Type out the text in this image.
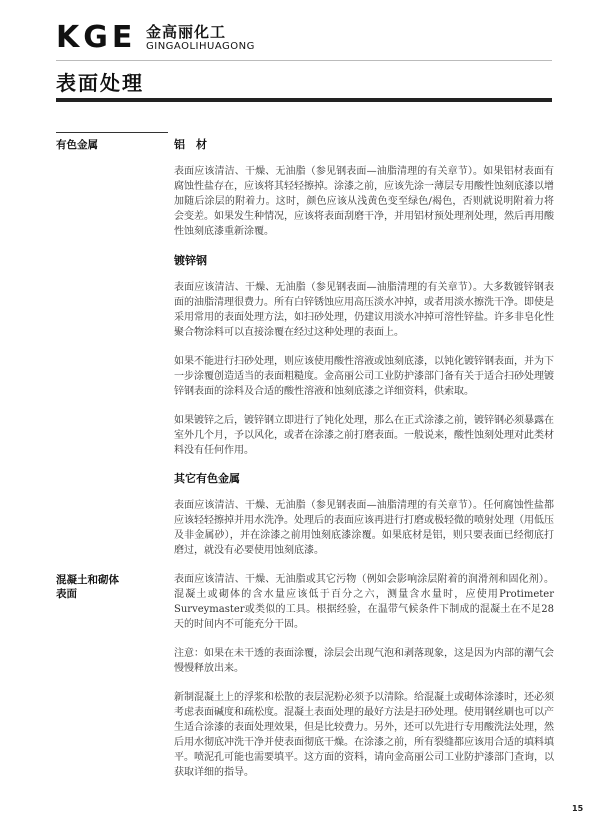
KGE 金高丽化工
GINGAOLIHUAGONG
表面处理
有色金属	铝　材

表面应该清洁、干燥、无油脂（参见钢表面—油脂清理的有关章节）。如果铝材表面有腐蚀性盐存在，应该将其轻轻擦掉。涂漆之前，应该先涂一薄层专用酸性蚀刻底漆以增加随后涂层的附着力。这时，颜色应该从浅黄色变至绿色/褐色，否则就说明附着力将会变差。如果发生种情况，应该将表面刮磨干净，并用铝材预处理剂处理，然后再用酸性蚀刻底漆重新涂覆。

镀锌钢

表面应该清洁、干燥、无油脂（参见钢表面—油脂清理的有关章节）。大多数镀锌钢表面的油脂清理很费力。所有白锌锈蚀应用高压淡水冲掉，或者用淡水擦洗干净。即使是采用常用的表面处理方法，如扫砂处理，仍建议用淡水冲掉可溶性锌盐。许多非皂化性聚合物涂料可以直接涂覆在经过这种处理的表面上。

如果不能进行扫砂处理，则应该使用酸性溶液或蚀刻底漆，以钝化镀锌钢表面，并为下一步涂覆创造适当的表面粗糙度。金高丽公司工业防护漆部门备有关于适合扫砂处理镀锌钢表面的涂料及合适的酸性溶液和蚀刻底漆之详细资料，供索取。

如果镀锌之后，镀锌钢立即进行了钝化处理，那么在正式涂漆之前，镀锌钢必须暴露在室外几个月，予以风化，或者在涂漆之前打磨表面。一般说来，酸性蚀刻处理对此类材料没有任何作用。

其它有色金属

表面应该清洁、干燥、无油脂（参见钢表面—油脂清理的有关章节）。任何腐蚀性盐都应该轻轻擦掉并用水洗净。处理后的表面应该再进行打磨或极轻微的喷射处理（用低压及非金属砂），并在涂漆之前用蚀刻底漆涂覆。如果底材是铝，则只要表面已经彻底打磨过，就没有必要使用蚀刻底漆。

混凝土和砌体表面

表面应该清洁、干燥、无油脂或其它污物（例如会影响涂层附着的润滑剂和固化剂）。混凝土或砌体的含水量应该低于百分之六，测量含水量时，应使用Protimeter Surveymaster或类似的工具。根据经验，在温带气候条件下制成的混凝土在不足28天的时间内不可能充分干固。

注意：如果在未干透的表面涂覆，涂层会出现气泡和剥落现象，这是因为内部的潮气会慢慢释放出来。

新制混凝土上的浮浆和松散的表层泥粉必须予以清除。给混凝土或砌体涂漆时，还必须考虑表面碱度和疏松度。混凝土表面处理的最好方法是扫砂处理。使用钢丝刷也可以产生适合涂漆的表面处理效果，但是比较费力。另外，还可以先进行专用酸洗法处理，然后用水彻底冲洗干净并使表面彻底干燥。在涂漆之前，所有裂缝都应该用合适的填料填平。喷泥孔可能也需要填平。这方面的资料，请向金高丽公司工业防护漆部门查询，以获取详细的指导。

15
